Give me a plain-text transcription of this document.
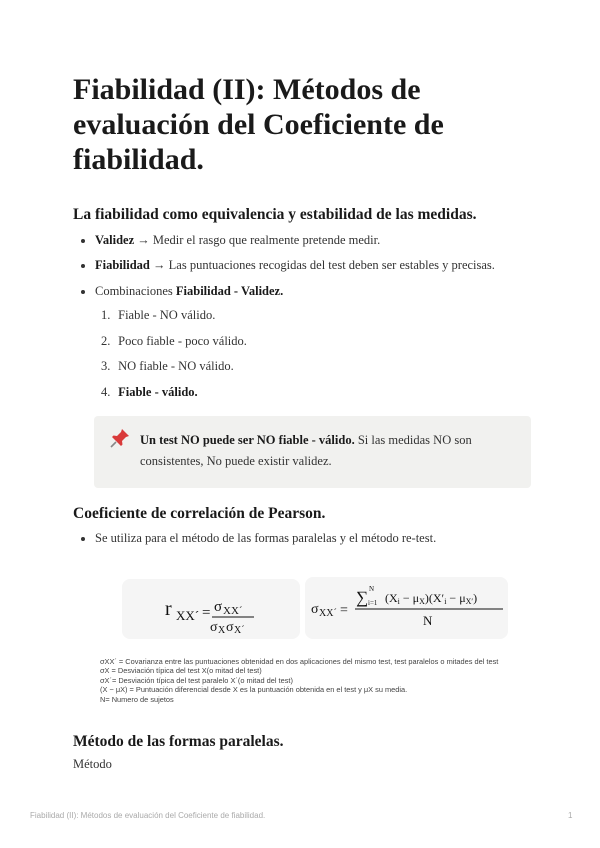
Fiabilidad (II): Métodos de evaluación del Coeficiente de fiabilidad.
La fiabilidad como equivalencia y estabilidad de las medidas.
Validez → Medir el rasgo que realmente pretende medir.
Fiabilidad → Las puntuaciones recogidas del test deben ser estables y precisas.
Combinaciones Fiabilidad - Validez.
1. Fiable - NO válido.
2. Poco fiable - poco válido.
3. NO fiable - NO válido.
4. Fiable - válido.
Coeficiente de correlación de Pearson.
Se utiliza para el método de las formas paralelas y el método re-test.
Método de las formas paralelas.
Método
Un test NO puede ser NO fiable - válido. Si las medidas NO son consistentes, No puede existir validez.
r XX´ = σ XX´
σ X σ X´
σ XX´ =
∑ N
i=1 (Xi − μX)(X′i − μX′)
N
σXX´ = Covarianza entre las puntuaciones obtenidad en dos aplicaciones del mismo test, test paralelos o mitades del test
σX = Desviación típica del test X(o mitad del test)
σX´= Desviación típica del test paralelo X´(o mitad del test)
(X − μX) = Puntuación diferencial desde X es la puntuación obtenida en el test y μX su media.
N= Numero de sujetos
Fiabilidad (II): Métodos de evaluación del Coeficiente de fiabilidad.	1
